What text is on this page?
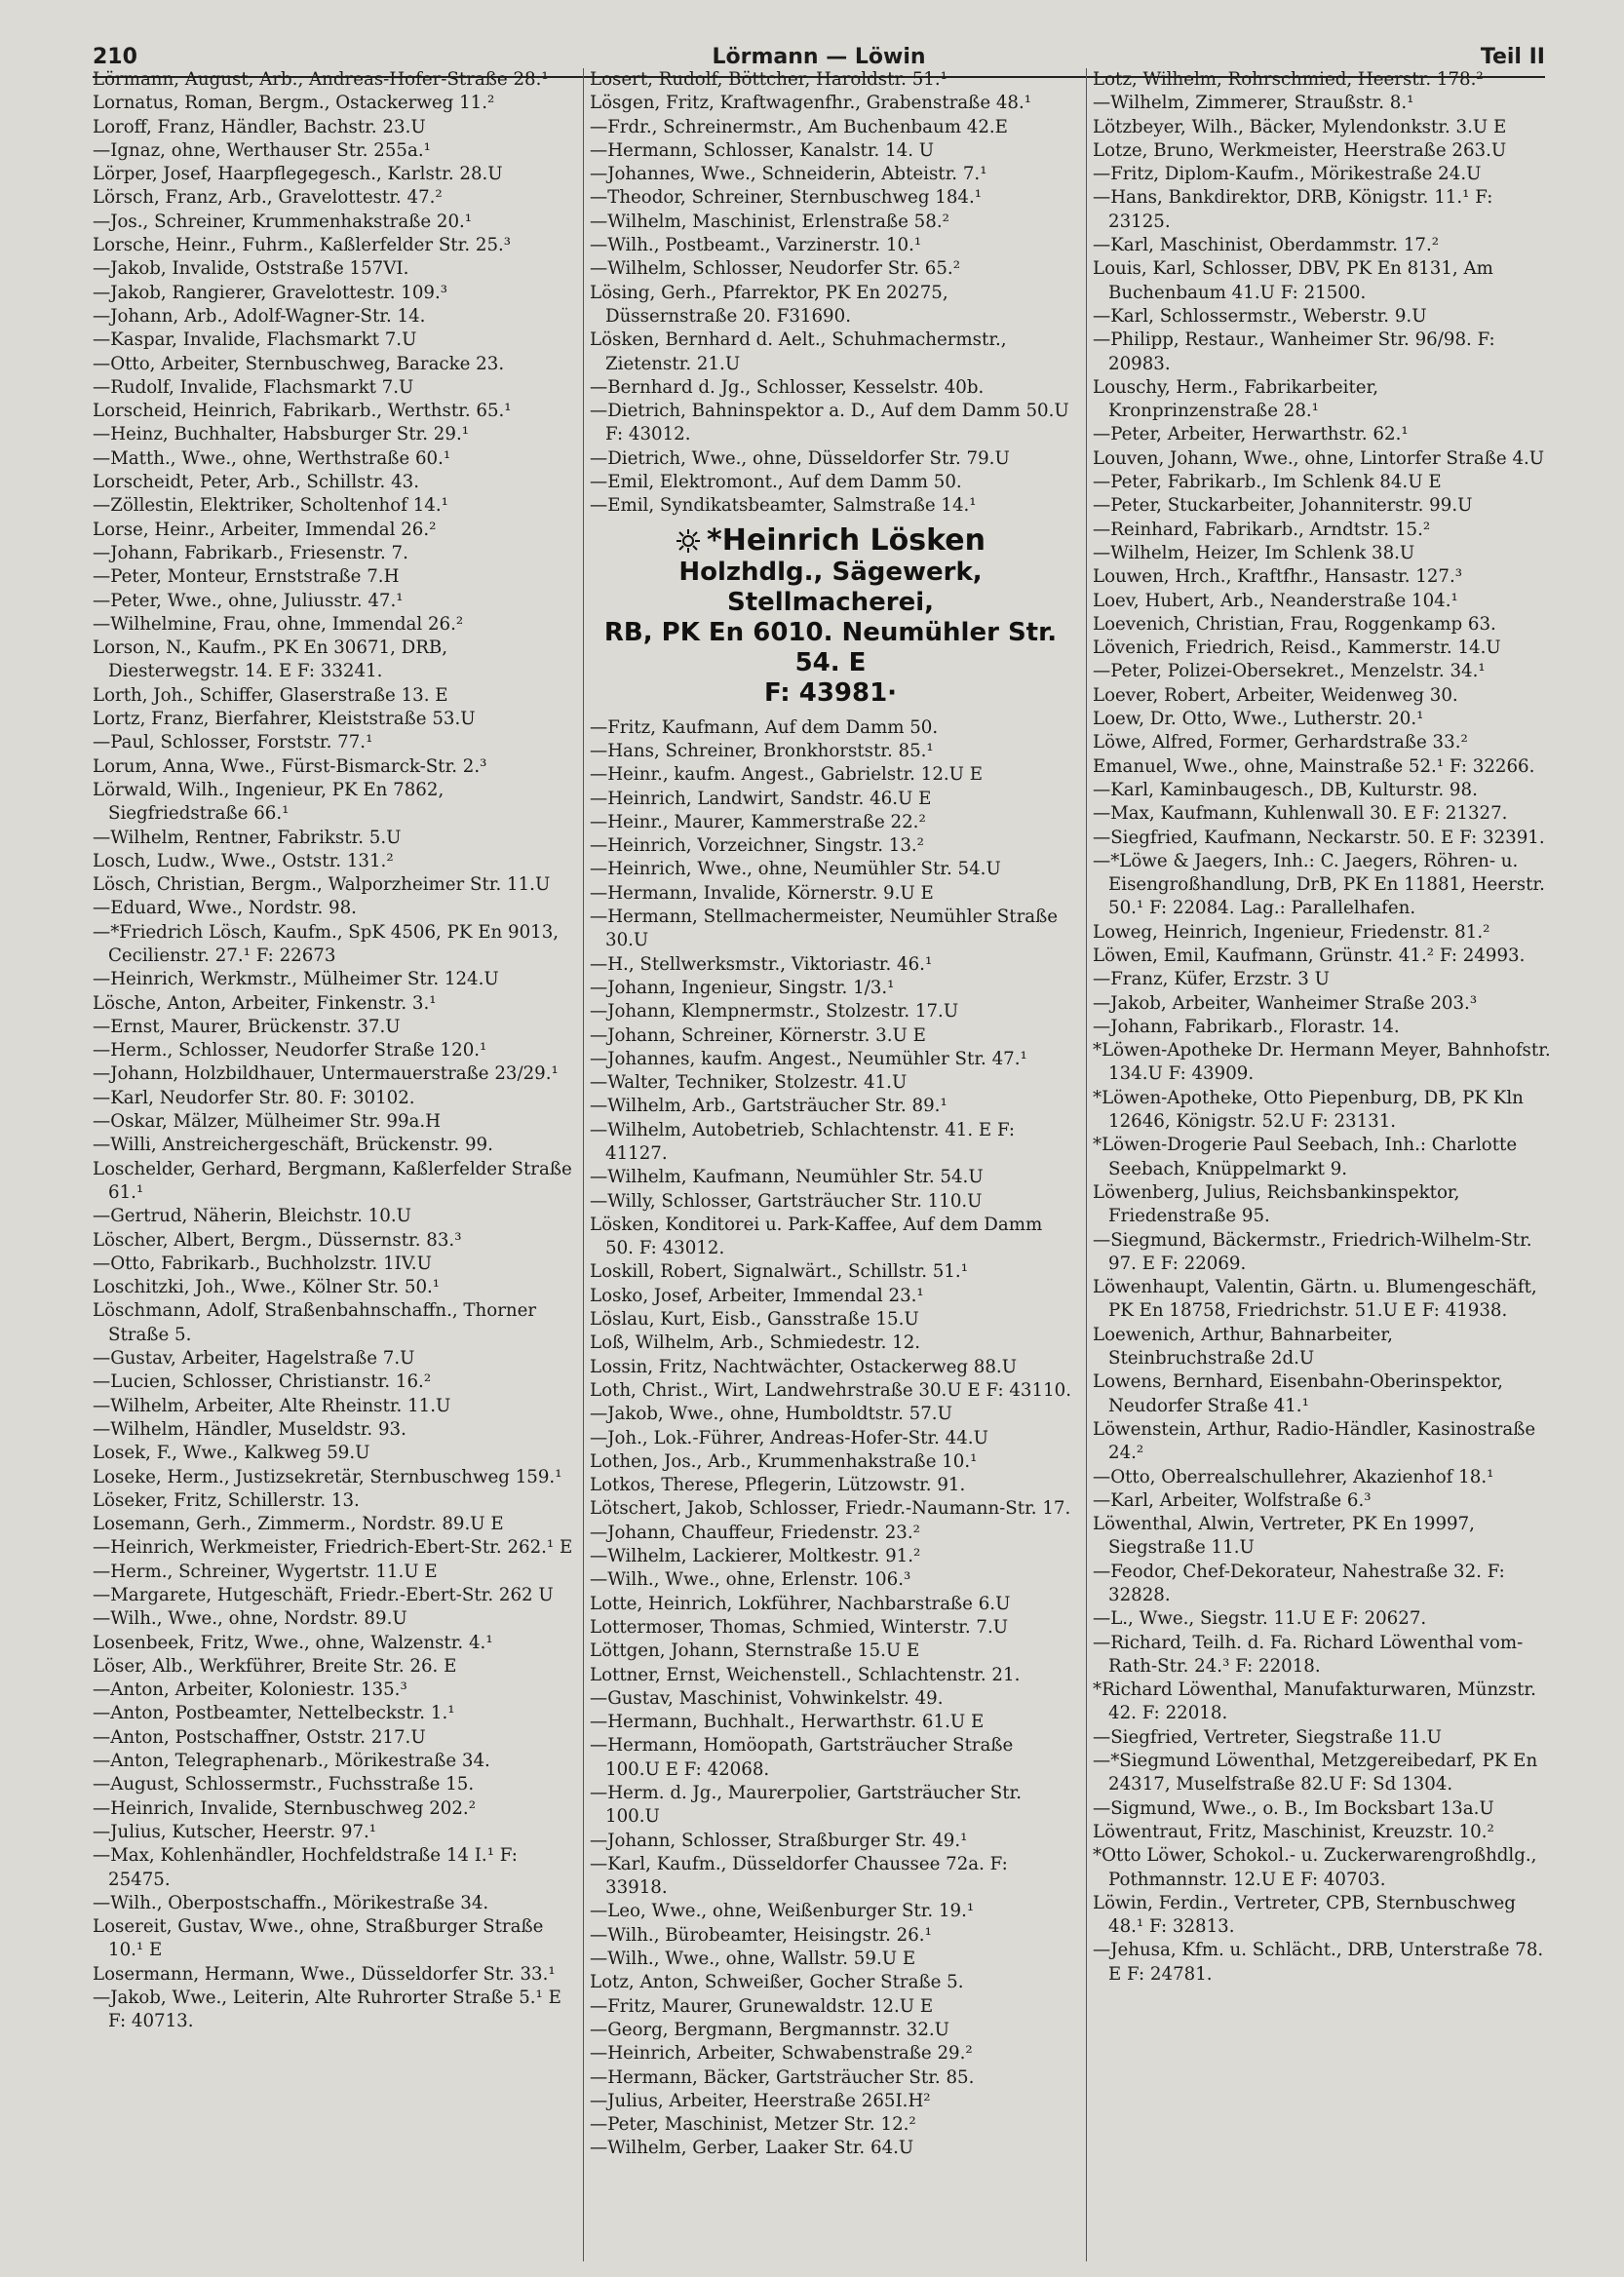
210	Lörmann — Löwin	Teil II

Lörmann, August, Arb., Andreas-Hofer-Straße 28.¹

Lornatus, Roman, Bergm., Ostackerweg 11.²

Loroff, Franz, Händler, Bachstr. 23.U

—Ignaz, ohne, Werthauser Str. 255a.¹

Lörper, Josef, Haarpflegegesch., Karlstr. 28.U

Lörsch, Franz, Arb., Gravelottestr. 47.²

—Jos., Schreiner, Krummenhakstraße 20.¹

Lorsche, Heinr., Fuhrm., Kaßlerfelder Str. 25.³

—Jakob, Invalide, Oststraße 157VI.

—Jakob, Rangierer, Gravelottestr. 109.³

—Johann, Arb., Adolf-Wagner-Str. 14.

—Kaspar, Invalide, Flachsmarkt 7.U

—Otto, Arbeiter, Sternbuschweg, Baracke 23.

—Rudolf, Invalide, Flachsmarkt 7.U

Lorscheid, Heinrich, Fabrikarb., Werthstr. 65.¹

—Heinz, Buchhalter, Habsburger Str. 29.¹

—Matth., Wwe., ohne, Werthstraße 60.¹

Lorscheidt, Peter, Arb., Schillstr. 43.

—Zöllestin, Elektriker, Scholtenhof 14.¹

Lorse, Heinr., Arbeiter, Immendal 26.²

—Johann, Fabrikarb., Friesenstr. 7.

—Peter, Monteur, Ernststraße 7.H

—Peter, Wwe., ohne, Juliusstr. 47.¹

—Wilhelmine, Frau, ohne, Immendal 26.²

Lorson, N., Kaufm., PK En 30671, DRB, Diesterwegstr. 14. E F: 33241.

Lorth, Joh., Schiffer, Glaserstraße 13. E

Lortz, Franz, Bierfahrer, Kleiststraße 53.U

—Paul, Schlosser, Forststr. 77.¹

Lorum, Anna, Wwe., Fürst-Bismarck-Str. 2.³

Lörwald, Wilh., Ingenieur, PK En 7862, Siegfriedstraße 66.¹

—Wilhelm, Rentner, Fabrikstr. 5.U

Losch, Ludw., Wwe., Oststr. 131.²

Lösch, Christian, Bergm., Walporzheimer Str. 11.U

—Eduard, Wwe., Nordstr. 98.

—*Friedrich Lösch, Kaufm., SpK 4506, PK En 9013, Cecilienstr. 27.¹ F: 22673

—Heinrich, Werkmstr., Mülheimer Str. 124.U

Lösche, Anton, Arbeiter, Finkenstr. 3.¹

—Ernst, Maurer, Brückenstr. 37.U

—Herm., Schlosser, Neudorfer Straße 120.¹

—Johann, Holzbildhauer, Untermauerstraße 23/29.¹

—Karl, Neudorfer Str. 80. F: 30102.

—Oskar, Mälzer, Mülheimer Str. 99a.H

—Willi, Anstreichergeschäft, Brückenstr. 99.

Loschelder, Gerhard, Bergmann, Kaßlerfelder Straße 61.¹

—Gertrud, Näherin, Bleichstr. 10.U

Löscher, Albert, Bergm., Düssernstr. 83.³

—Otto, Fabrikarb., Buchholzstr. 1IV.U

Loschitzki, Joh., Wwe., Kölner Str. 50.¹

Löschmann, Adolf, Straßenbahnschaffn., Thorner Straße 5.

—Gustav, Arbeiter, Hagelstraße 7.U

—Lucien, Schlosser, Christianstr. 16.²

—Wilhelm, Arbeiter, Alte Rheinstr. 11.U

—Wilhelm, Händler, Museldstr. 93.

Losek, F., Wwe., Kalkweg 59.U

Loseke, Herm., Justizsekretär, Sternbuschweg 159.¹

Löseker, Fritz, Schillerstr. 13.

Losemann, Gerh., Zimmerm., Nordstr. 89.U E

—Heinrich, Werkmeister, Friedrich-Ebert-Str. 262.¹ E

—Herm., Schreiner, Wygertstr. 11.U E

—Margarete, Hutgeschäft, Friedr.-Ebert-Str. 262 U

—Wilh., Wwe., ohne, Nordstr. 89.U

Losenbeek, Fritz, Wwe., ohne, Walzenstr. 4.¹

Löser, Alb., Werkführer, Breite Str. 26. E

—Anton, Arbeiter, Koloniestr. 135.³

—Anton, Postbeamter, Nettelbeckstr. 1.¹

—Anton, Postschaffner, Oststr. 217.U

—Anton, Telegraphenarb., Mörikestraße 34.

—August, Schlossermstr., Fuchsstraße 15.

—Heinrich, Invalide, Sternbuschweg 202.²

—Julius, Kutscher, Heerstr. 97.¹

—Max, Kohlenhändler, Hochfeldstraße 14 I.¹ F: 25475.

—Wilh., Oberpostschaffn., Mörikestraße 34.

Losereit, Gustav, Wwe., ohne, Straßburger Straße 10.¹ E

Losermann, Hermann, Wwe., Düsseldorfer Str. 33.¹

—Jakob, Wwe., Leiterin, Alte Ruhrorter Straße 5.¹ E F: 40713.

Losert, Rudolf, Böttcher, Haroldstr. 51.¹

Lösgen, Fritz, Kraftwagenfhr., Grabenstraße 48.¹

—Frdr., Schreinermstr., Am Buchenbaum 42.E

—Hermann, Schlosser, Kanalstr. 14. U

—Johannes, Wwe., Schneiderin, Abteistr. 7.¹

—Theodor, Schreiner, Sternbuschweg 184.¹

—Wilhelm, Maschinist, Erlenstraße 58.²

—Wilh., Postbeamt., Varzinerstr. 10.¹

—Wilhelm, Schlosser, Neudorfer Str. 65.²

Lösing, Gerh., Pfarrektor, PK En 20275, Düssernstraße 20. F31690.

Lösken, Bernhard d. Aelt., Schuhmachermstr., Zietenstr. 21.U

—Bernhard d. Jg., Schlosser, Kesselstr. 40b.

—Dietrich, Bahninspektor a. D., Auf dem Damm 50.U F: 43012.

—Dietrich, Wwe., ohne, Düsseldorfer Str. 79.U

—Emil, Elektromont., Auf dem Damm 50.

—Emil, Syndikatsbeamter, Salmstraße 14.¹

*Heinrich Lösken
Holzhdlg., Sägewerk, Stellmacherei,
RB, PK En 6010. Neumühler Str. 54. E
F: 43981·

—Fritz, Kaufmann, Auf dem Damm 50.

—Hans, Schreiner, Bronkhorststr. 85.¹

—Heinr., kaufm. Angest., Gabrielstr. 12.U E

—Heinrich, Landwirt, Sandstr. 46.U E

—Heinr., Maurer, Kammerstraße 22.²

—Heinrich, Vorzeichner, Singstr. 13.²

—Heinrich, Wwe., ohne, Neumühler Str. 54.U

—Hermann, Invalide, Körnerstr. 9.U E

—Hermann, Stellmachermeister, Neumühler Straße 30.U

—H., Stellwerksmstr., Viktoriastr. 46.¹

—Johann, Ingenieur, Singstr. 1/3.¹

—Johann, Klempnermstr., Stolzestr. 17.U

—Johann, Schreiner, Körnerstr. 3.U E

—Johannes, kaufm. Angest., Neumühler Str. 47.¹

—Walter, Techniker, Stolzestr. 41.U

—Wilhelm, Arb., Gartsträucher Str. 89.¹

—Wilhelm, Autobetrieb, Schlachtenstr. 41. E F: 41127.

—Wilhelm, Kaufmann, Neumühler Str. 54.U

—Willy, Schlosser, Gartsträucher Str. 110.U

Lösken, Konditorei u. Park-Kaffee, Auf dem Damm 50. F: 43012.

Loskill, Robert, Signalwärt., Schillstr. 51.¹

Losko, Josef, Arbeiter, Immendal 23.¹

Löslau, Kurt, Eisb., Gansstraße 15.U

Loß, Wilhelm, Arb., Schmiedestr. 12.

Lossin, Fritz, Nachtwächter, Ostackerweg 88.U

Loth, Christ., Wirt, Landwehrstraße 30.U E F: 43110.

—Jakob, Wwe., ohne, Humboldtstr. 57.U

—Joh., Lok.-Führer, Andreas-Hofer-Str. 44.U

Lothen, Jos., Arb., Krummenhakstraße 10.¹

Lotkos, Therese, Pflegerin, Lützowstr. 91.

Lötschert, Jakob, Schlosser, Friedr.-Naumann-Str. 17.

—Johann, Chauffeur, Friedenstr. 23.²

—Wilhelm, Lackierer, Moltkestr. 91.²

—Wilh., Wwe., ohne, Erlenstr. 106.³

Lotte, Heinrich, Lokführer, Nachbarstraße 6.U

Lottermoser, Thomas, Schmied, Winterstr. 7.U

Löttgen, Johann, Sternstraße 15.U E

Lottner, Ernst, Weichenstell., Schlachtenstr. 21.

—Gustav, Maschinist, Vohwinkelstr. 49.

—Hermann, Buchhalt., Herwarthstr. 61.U E

—Hermann, Homöopath, Gartsträucher Straße 100.U E F: 42068.

—Herm. d. Jg., Maurerpolier, Gartsträucher Str. 100.U

—Johann, Schlosser, Straßburger Str. 49.¹

—Karl, Kaufm., Düsseldorfer Chaussee 72a. F: 33918.

—Leo, Wwe., ohne, Weißenburger Str. 19.¹

—Wilh., Bürobeamter, Heisingstr. 26.¹

—Wilh., Wwe., ohne, Wallstr. 59.U E

Lotz, Anton, Schweißer, Gocher Straße 5.

—Fritz, Maurer, Grunewaldstr. 12.U E

—Georg, Bergmann, Bergmannstr. 32.U

—Heinrich, Arbeiter, Schwabenstraße 29.²

—Hermann, Bäcker, Gartsträucher Str. 85.

—Julius, Arbeiter, Heerstraße 265I.H²

—Peter, Maschinist, Metzer Str. 12.²

—Wilhelm, Gerber, Laaker Str. 64.U

Lotz, Wilhelm, Rohrschmied, Heerstr. 178.²

—Wilhelm, Zimmerer, Straußstr. 8.¹

Lötzbeyer, Wilh., Bäcker, Mylendonkstr. 3.U E

Lotze, Bruno, Werkmeister, Heerstraße 263.U

—Fritz, Diplom-Kaufm., Mörikestraße 24.U

—Hans, Bankdirektor, DRB, Königstr. 11.¹ F: 23125.

—Karl, Maschinist, Oberdammstr. 17.²

Louis, Karl, Schlosser, DBV, PK En 8131, Am Buchenbaum 41.U F: 21500.

—Karl, Schlossermstr., Weberstr. 9.U

—Philipp, Restaur., Wanheimer Str. 96/98. F: 20983.

Louschy, Herm., Fabrikarbeiter, Kronprinzenstraße 28.¹

—Peter, Arbeiter, Herwarthstr. 62.¹

Louven, Johann, Wwe., ohne, Lintorfer Straße 4.U

—Peter, Fabrikarb., Im Schlenk 84.U E

—Peter, Stuckarbeiter, Johanniterstr. 99.U

—Reinhard, Fabrikarb., Arndtstr. 15.²

—Wilhelm, Heizer, Im Schlenk 38.U

Louwen, Hrch., Kraftfhr., Hansastr. 127.³

Loev, Hubert, Arb., Neanderstraße 104.¹

Loevenich, Christian, Frau, Roggenkamp 63.

Lövenich, Friedrich, Reisd., Kammerstr. 14.U

—Peter, Polizei-Obersekret., Menzelstr. 34.¹

Loever, Robert, Arbeiter, Weidenweg 30.

Loew, Dr. Otto, Wwe., Lutherstr. 20.¹

Löwe, Alfred, Former, Gerhardstraße 33.²

Emanuel, Wwe., ohne, Mainstraße 52.¹ F: 32266.

—Karl, Kaminbaugesch., DB, Kulturstr. 98.

—Max, Kaufmann, Kuhlenwall 30. E F: 21327.

—Siegfried, Kaufmann, Neckarstr. 50. E F: 32391.

—*Löwe & Jaegers, Inh.: C. Jaegers, Röhren- u. Eisengroßhandlung, DrB, PK En 11881, Heerstr. 50.¹ F: 22084. Lag.: Parallelhafen.

Loweg, Heinrich, Ingenieur, Friedenstr. 81.²

Löwen, Emil, Kaufmann, Grünstr. 41.² F: 24993.

—Franz, Küfer, Erzstr. 3 U

—Jakob, Arbeiter, Wanheimer Straße 203.³

—Johann, Fabrikarb., Florastr. 14.

*Löwen-Apotheke Dr. Hermann Meyer, Bahnhofstr. 134.U F: 43909.

*Löwen-Apotheke, Otto Piepenburg, DB, PK Kln 12646, Königstr. 52.U F: 23131.

*Löwen-Drogerie Paul Seebach, Inh.: Charlotte Seebach, Knüppelmarkt 9.

Löwenberg, Julius, Reichsbankinspektor, Friedenstraße 95.

—Siegmund, Bäckermstr., Friedrich-Wilhelm-Str. 97. E F: 22069.

Löwenhaupt, Valentin, Gärtn. u. Blumengeschäft, PK En 18758, Friedrichstr. 51.U E F: 41938.

Loewenich, Arthur, Bahnarbeiter, Steinbruchstraße 2d.U

Lowens, Bernhard, Eisenbahn-Oberinspektor, Neudorfer Straße 41.¹

Löwenstein, Arthur, Radio-Händler, Kasinostraße 24.²

—Otto, Oberrealschullehrer, Akazienhof 18.¹

—Karl, Arbeiter, Wolfstraße 6.³

Löwenthal, Alwin, Vertreter, PK En 19997, Siegstraße 11.U

—Feodor, Chef-Dekorateur, Nahestraße 32. F: 32828.

—L., Wwe., Siegstr. 11.U E F: 20627.

—Richard, Teilh. d. Fa. Richard Löwenthal vom-Rath-Str. 24.³ F: 22018.

*Richard Löwenthal, Manufakturwaren, Münzstr. 42. F: 22018.

—Siegfried, Vertreter, Siegstraße 11.U

—*Siegmund Löwenthal, Metzgereibedarf, PK En 24317, Muselfstraße 82.U F: Sd 1304.

—Sigmund, Wwe., o. B., Im Bocksbart 13a.U

Löwentraut, Fritz, Maschinist, Kreuzstr. 10.²

*Otto Löwer, Schokol.- u. Zuckerwarengroßhdlg., Pothmannstr. 12.U E F: 40703.

Löwin, Ferdin., Vertreter, CPB, Sternbuschweg 48.¹ F: 32813.

—Jehusa, Kfm. u. Schlächt., DRB, Unterstraße 78. E F: 24781.
